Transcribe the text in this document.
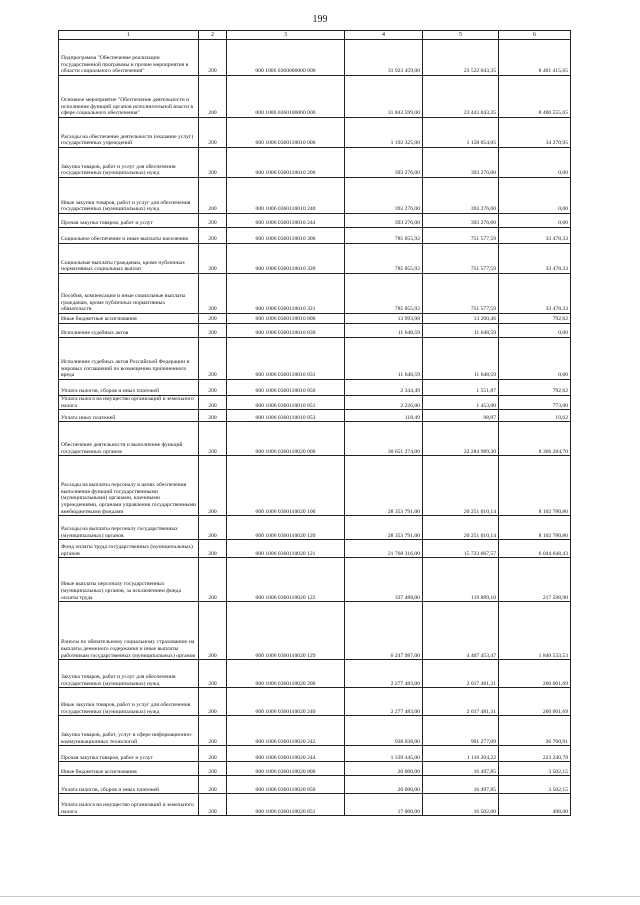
199
1	2	3	4	5	6
Подпрограмма "Обеспечение реализации государственной программы и прочие мероприятия в области социального обеспечения"	200	000 1006 0360000000 000	31 923 459,00	23 522 043,35	8 401 415,65
Основное мероприятие "Обеспечение деятельности и исполнение функций органов исполнительной власти в сфере социального обеспечения"	200	000 1006 0360100000 000	31 843 599,00	23 443 043,35	8 400 555,65
Расходы на обеспечение деятельности (оказание услуг) государственных учреждений	200	000 1006 0360110010 000	1 192 325,00	1 158 054,05	34 270,95
Закупка товаров, работ и услуг для обеспечения государственных (муниципальных) нужд	200	000 1006 0360110010 200	393 276,00	393 276,00	0,00
Иные закупки товаров, работ и услуг для обеспечения государственных (муниципальных) нужд	200	000 1006 0360110010 240	393 276,00	393 276,00	0,00
Прочая закупка товаров, работ и услуг	200	000 1006 0360110010 244	393 276,00	393 276,00	0,00
Социальное обеспечение и иные выплаты населению	200	000 1006 0360110010 300	785 055,92	751 577,59	33 478,33
Социальные выплаты гражданам, кроме публичных нормативных социальных выплат	200	000 1006 0360110010 320	785 055,92	751 577,59	33 478,33
Пособия, компенсации и иные социальные выплаты гражданам, кроме публичных нормативных обязательств	200	000 1006 0360110010 321	785 055,92	751 577,59	33 478,33
Иные бюджетные ассигнования	200	000 1006 0360110010 800	13 993,08	13 200,46	792,62
Исполнение судебных актов	200	000 1006 0360110010 830	11 648,59	11 648,59	0,00
Исполнение судебных актов Российской Федерации и мировых соглашений по возмещению причиненного вреда	200	000 1006 0360110010 831	11 648,59	11 648,59	0,00
Уплата налогов, сборов и иных платежей	200	000 1006 0360110010 850	2 344,49	1 551,87	792,62
Уплата налога на имущество организаций и земельного налога	200	000 1006 0360110010 851	2 226,00	1 453,00	773,00
Уплата иных платежей	200	000 1006 0360110010 853	118,49	98,87	19,62
Обеспечение деятельности и выполнение функций государственных органов	200	000 1006 0360110020 000	30 651 274,00	22 284 989,30	8 366 284,70
Расходы на выплаты персоналу в целях обеспечения выполнения функций государственными (муниципальными) органами, казенными учреждениями, органами управления государственными внебюджетными фондами	200	000 1006 0360110020 100	28 353 791,00	20 251 010,14	8 102 780,86
Расходы на выплаты персоналу государственных (муниципальных) органов	200	000 1006 0360110020 120	28 353 791,00	20 251 010,14	8 102 780,86
Фонд оплаты труда государственных (муниципальных) органов	200	000 1006 0360110020 121	21 768 316,00	15 723 667,57	6 044 648,43
Иные выплаты персоналу государственных (муниципальных) органов, за исключением фонда оплаты труда	200	000 1006 0360110020 122	337 488,00	119 889,10	217 598,90
Взносы по обязательному социальному страхованию на выплаты денежного содержания и иные выплаты работникам государственных (муниципальных) органов	200	000 1006 0360110020 129	6 247 987,00	4 407 453,47	1 840 533,53
Закупка товаров, работ и услуг для обеспечения государственных (муниципальных) нужд	200	000 1006 0360110020 200	2 277 483,00	2 017 481,31	260 001,69
Иные закупки товаров, работ и услуг для обеспечения государственных (муниципальных) нужд	200	000 1006 0360110020 240	2 277 483,00	2 017 481,31	260 001,69
Закупка товаров, работ, услуг в сфере информационно-коммуникационных технологий	200	000 1006 0360110020 242	938 038,00	901 277,09	36 760,91
Прочая закупка товаров, работ и услуг	200	000 1006 0360110020 244	1 339 445,00	1 116 204,22	223 240,78
Иные бюджетные ассигнования	200	000 1006 0360110020 800	20 000,00	16 497,85	3 502,15
Уплата налогов, сборов и иных платежей	200	000 1006 0360110020 850	20 000,00	16 497,85	3 502,15
Уплата налога на имущество организаций и земельного налога	200	000 1006 0360110020 851	17 000,00	16 502,00	498,00
